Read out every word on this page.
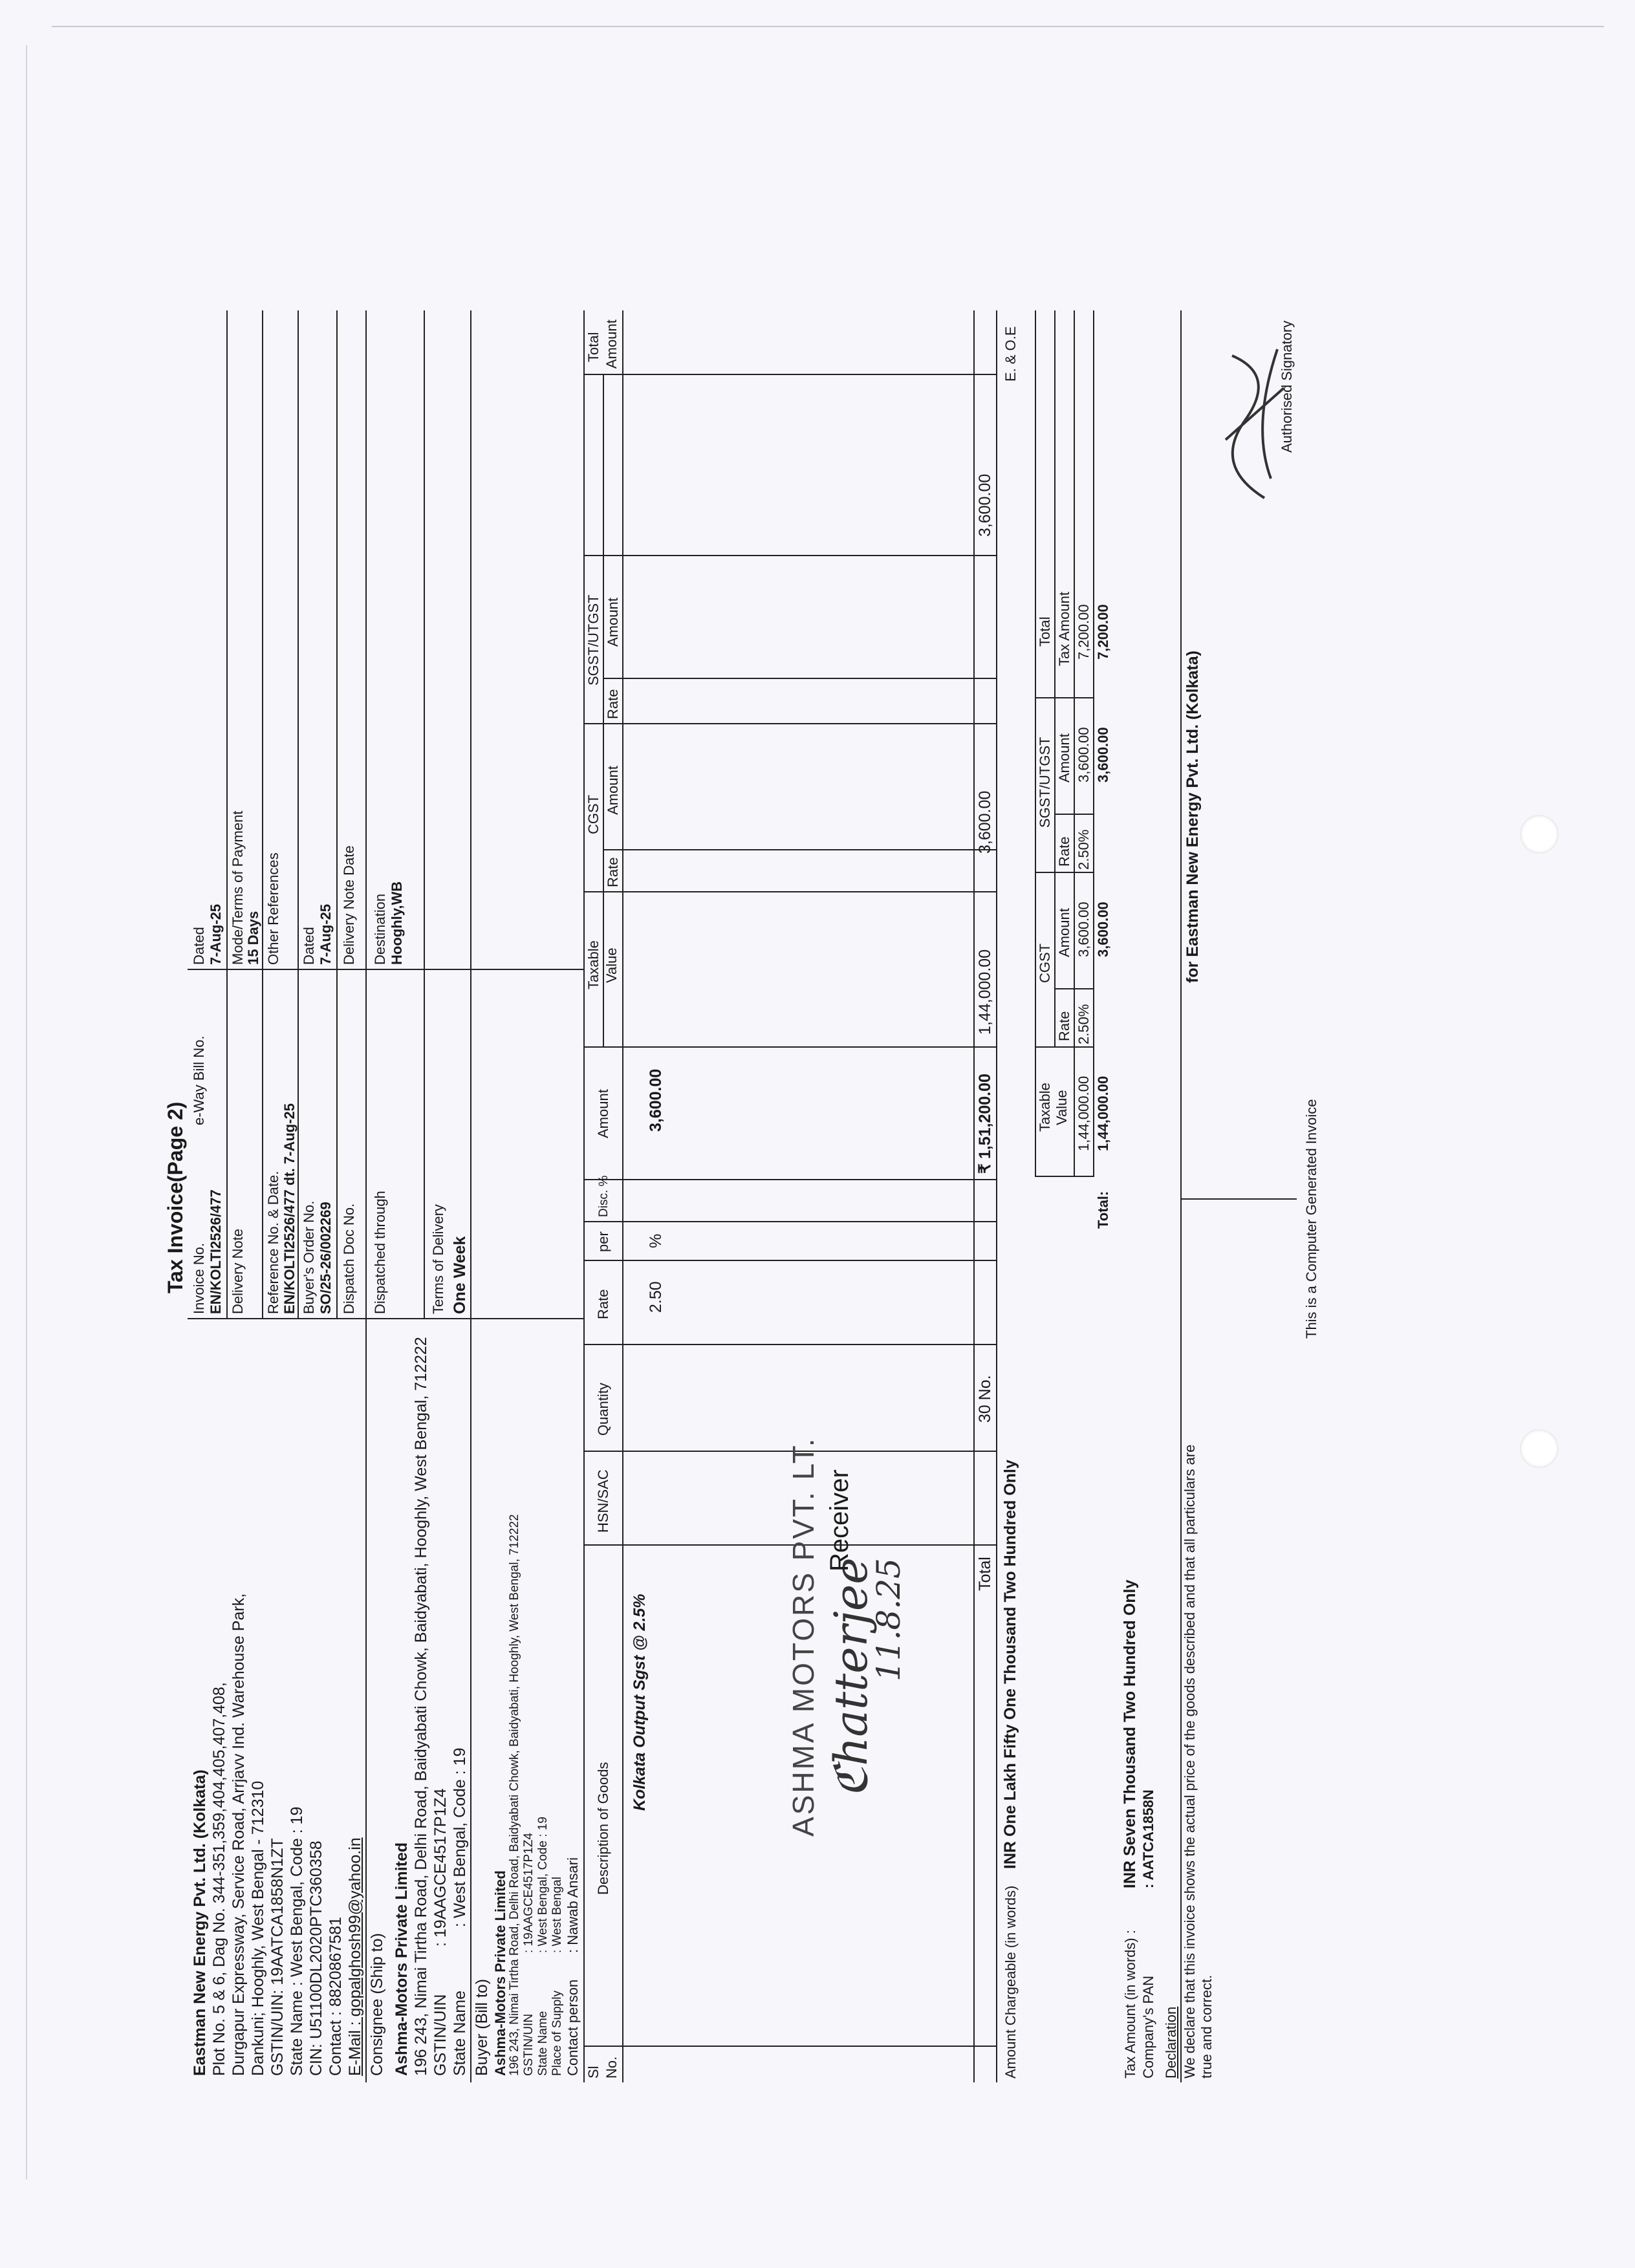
Tax Invoice(Page 2)
Eastman New Energy Pvt. Ltd. (Kolkata) Plot No. 5 & 6, Dag No. 344-351,359,404,405,407,408, Durgapur Expressway, Service Road, Arrjavv Ind. Warehouse Park, Dankuni; Hooghly, West Bengal - 712310 GSTIN/UIN: 19AATCA1858N1ZT State Name : West Bengal, Code : 19 CIN: U51100DL2020PTC360358 Contact : 8820867581 E-Mail : gopalghosh99@yahoo.in Consignee (Ship to) Ashma-Motors Private Limited 196 243, Nimai Tirtha Road, Delhi Road, Baidyabati Chowk, Baidyabati, Hooghly, West Bengal, 712222 GSTIN/UIN
: 19AAGCE4517P1Z4
State Name
: West Bengal, Code : 19
Buyer (Bill to) Ashma-Motors Private Limited 196 243, Nimai Tirtha Road, Delhi Road, Baidyabati Chowk, Baidyabati, Hooghly, West Bengal, 712222 GSTIN/UIN
: 19AAGCE4517P1Z4
State Name
: West Bengal, Code : 19
Place of Supply
: West Bengal
Contact person
: Nawab Ansari
Invoice No. EN/KOLTI2526/477
e-Way Bill No.
Dated 7-Aug-25
Delivery Note
Mode/Terms of Payment 15 Days
Reference No. & Date. EN/KOLTI2526/477 dt. 7-Aug-25
Other References
Buyer's Order No. SO/25-26/002269
Dated 7-Aug-25
Dispatch Doc No.
Delivery Note Date
Dispatched through
Destination Hooghly,WB
Terms of Delivery One Week
Sl No.
Description of Goods
HSN/SAC
Quantity
Rate
per
Disc. %
Amount
Taxable Value
CGST
Rate
Amount
SGST/UTGST
Rate
Amount
Total Amount
Kolkata Output Sgst @ 2.5%
2.50
%
3,600.00
Total
30 No.
₹ 1,51,200.00
1,44,000.00
3,600.00
3,600.00
Amount Chargeable (in words)
INR One Lakh Fifty One Thousand Two Hundred Only
E. & O.E
Taxable Value
CGST
Rate
Amount
SGST/UTGST
Rate
Amount
Total Tax Amount
1,44,000.00
2.50%
3,600.00
2.50%
3,600.00
7,200.00
Total:
1,44,000.00
3,600.00
3,600.00
7,200.00
Tax Amount (in words) :
INR Seven Thousand Two Hundred Only
Company's PAN
: AATCA1858N
Declaration We declare that this invoice shows the actual price of the goods described and that all particulars are true and correct.
for Eastman New Energy Pvt. Ltd. (Kolkata)
Authorised Signatory
This is a Computer Generated Invoice
ASHMA MOTORS PVT. LT. ℭhatterjee
11.8.25
Receiver
